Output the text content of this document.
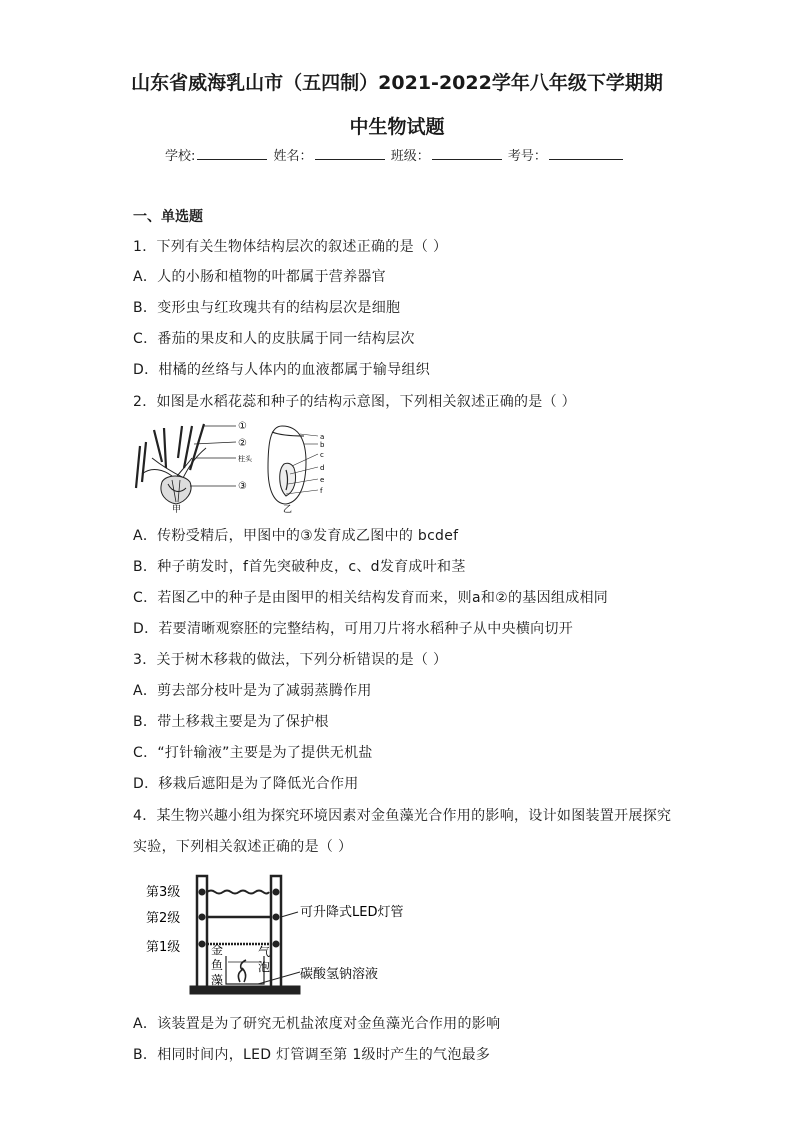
山东省威海乳山市（五四制）2021-2022学年八年级下学期期
中生物试题
学校:	姓名：	班级：	考号：
一、单选题
1．下列有关生物体结构层次的叙述正确的是（ ）
A．人的小肠和植物的叶都属于营养器官
B．变形虫与红玫瑰共有的结构层次是细胞
C．番茄的果皮和人的皮肤属于同一结构层次
D．柑橘的丝络与人体内的血液都属于输导组织
2．如图是水稻花蕊和种子的结构示意图，下列相关叙述正确的是（ ）
①
②
柱头
③
甲
a
b
c
d
e
f
乙
A．传粉受精后，甲图中的③发育成乙图中的 bcdef
B．种子萌发时，f首先突破种皮，c、d发育成叶和茎
C．若图乙中的种子是由图甲的相关结构发育而来，则a和②的基因组成相同
D．若要清晰观察胚的完整结构，可用刀片将水稻种子从中央横向切开
3．关于树木移栽的做法，下列分析错误的是（ ）
A．剪去部分枝叶是为了减弱蒸腾作用
B．带土移栽主要是为了保护根
C．“打针输液”主要是为了提供无机盐
D．移栽后遮阳是为了降低光合作用
4．某生物兴趣小组为探究环境因素对金鱼藻光合作用的影响，设计如图装置开展探究
实验，下列相关叙述正确的是（ ）
第3级
第2级
第1级
可升降式LED灯管
碳酸氢钠溶液
金
鱼
藻
气
泡
A．该装置是为了研究无机盐浓度对金鱼藻光合作用的影响
B．相同时间内，LED 灯管调至第 1级时产生的气泡最多
